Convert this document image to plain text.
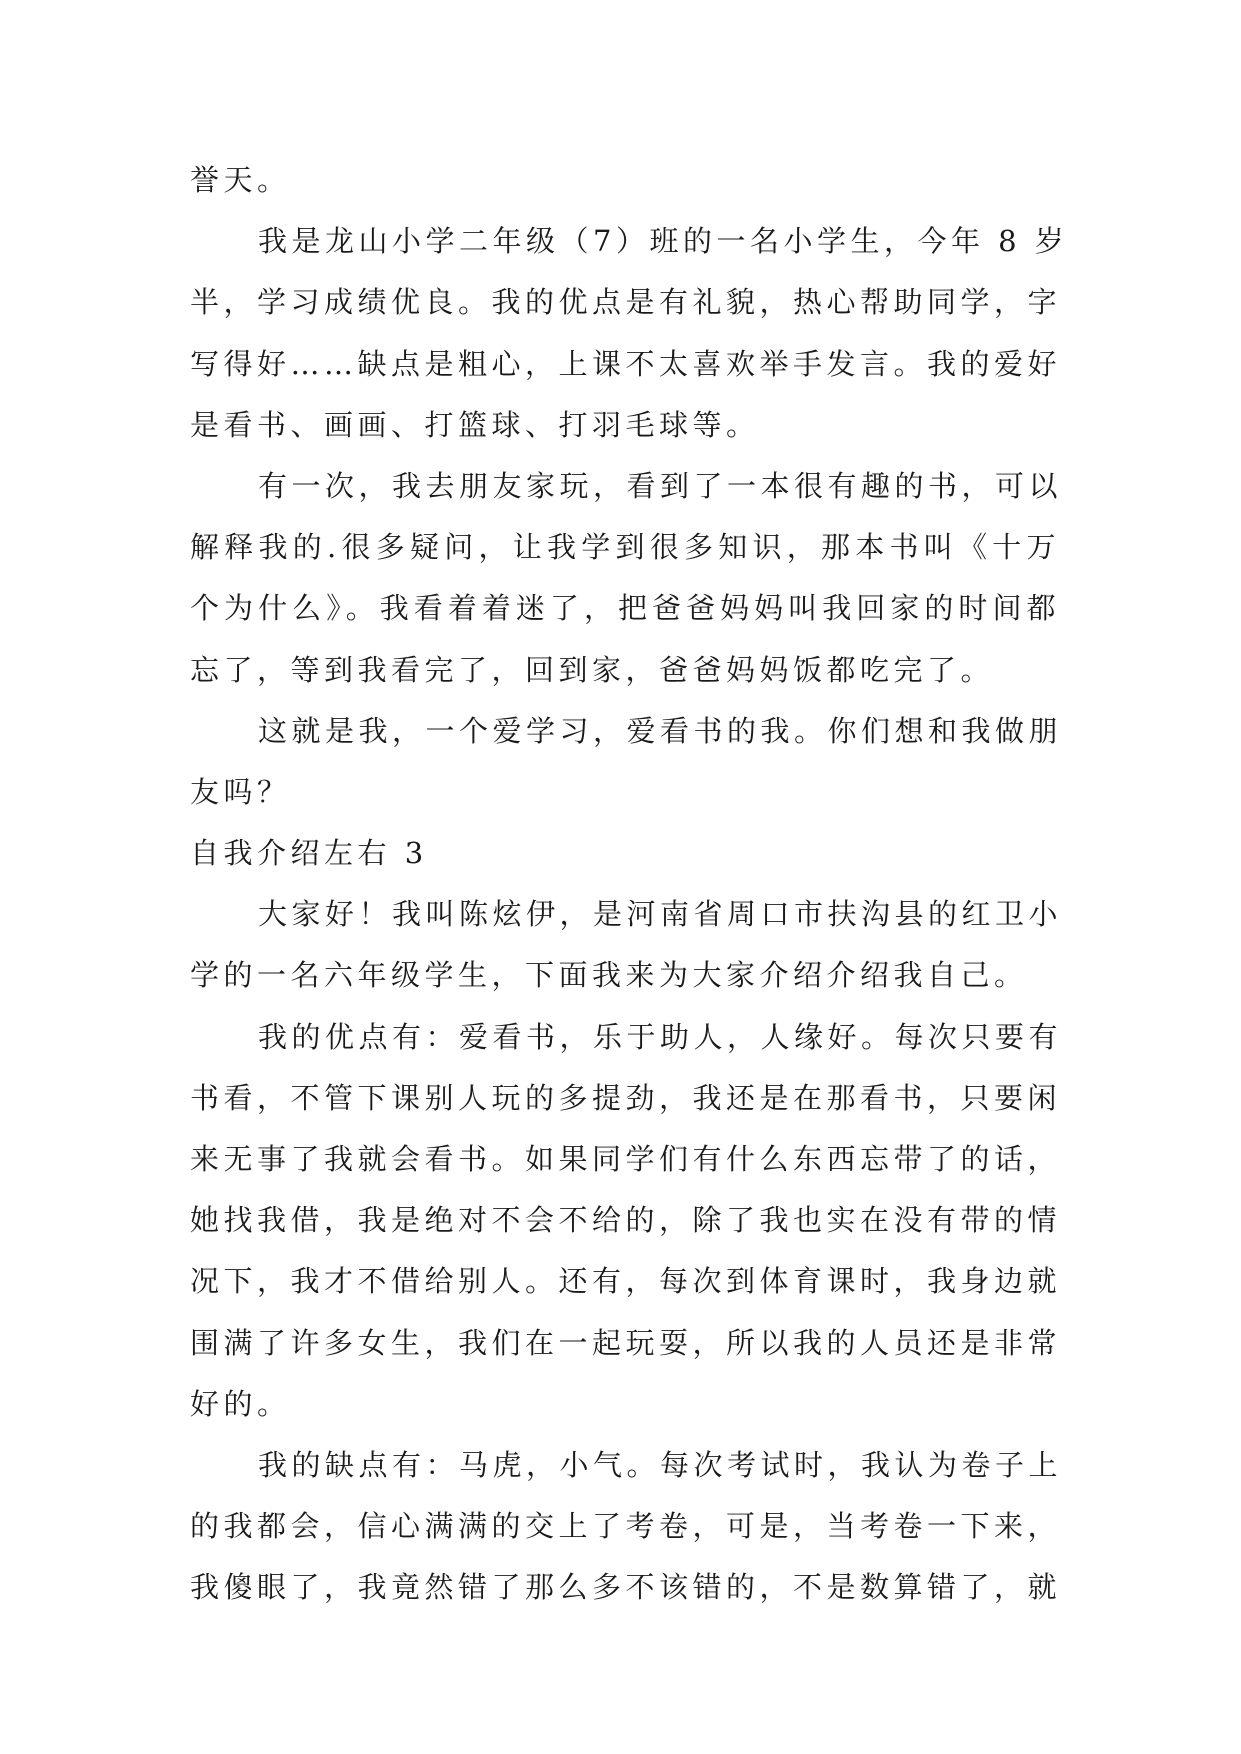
誉天。
我是龙山小学二年级（7）班的一名小学生，今年 8 岁
半，学习成绩优良。我的优点是有礼貌，热心帮助同学，字
写得好……缺点是粗心，上课不太喜欢举手发言。我的爱好
是看书、画画、打篮球、打羽毛球等。
有一次，我去朋友家玩，看到了一本很有趣的书，可以
解释我的.很多疑问，让我学到很多知识，那本书叫《十万
个为什么》。我看着着迷了，把爸爸妈妈叫我回家的时间都
忘了，等到我看完了，回到家，爸爸妈妈饭都吃完了。
这就是我，一个爱学习，爱看书的我。你们想和我做朋
友吗？
自我介绍左右 3
大家好！我叫陈炫伊，是河南省周口市扶沟县的红卫小
学的一名六年级学生，下面我来为大家介绍介绍我自己。
我的优点有：爱看书，乐于助人，人缘好。每次只要有
书看，不管下课别人玩的多提劲，我还是在那看书，只要闲
来无事了我就会看书。如果同学们有什么东西忘带了的话，
她找我借，我是绝对不会不给的，除了我也实在没有带的情
况下，我才不借给别人。还有，每次到体育课时，我身边就
围满了许多女生，我们在一起玩耍，所以我的人员还是非常
好的。
我的缺点有：马虎，小气。每次考试时，我认为卷子上
的我都会，信心满满的交上了考卷，可是，当考卷一下来，
我傻眼了，我竟然错了那么多不该错的，不是数算错了，就
